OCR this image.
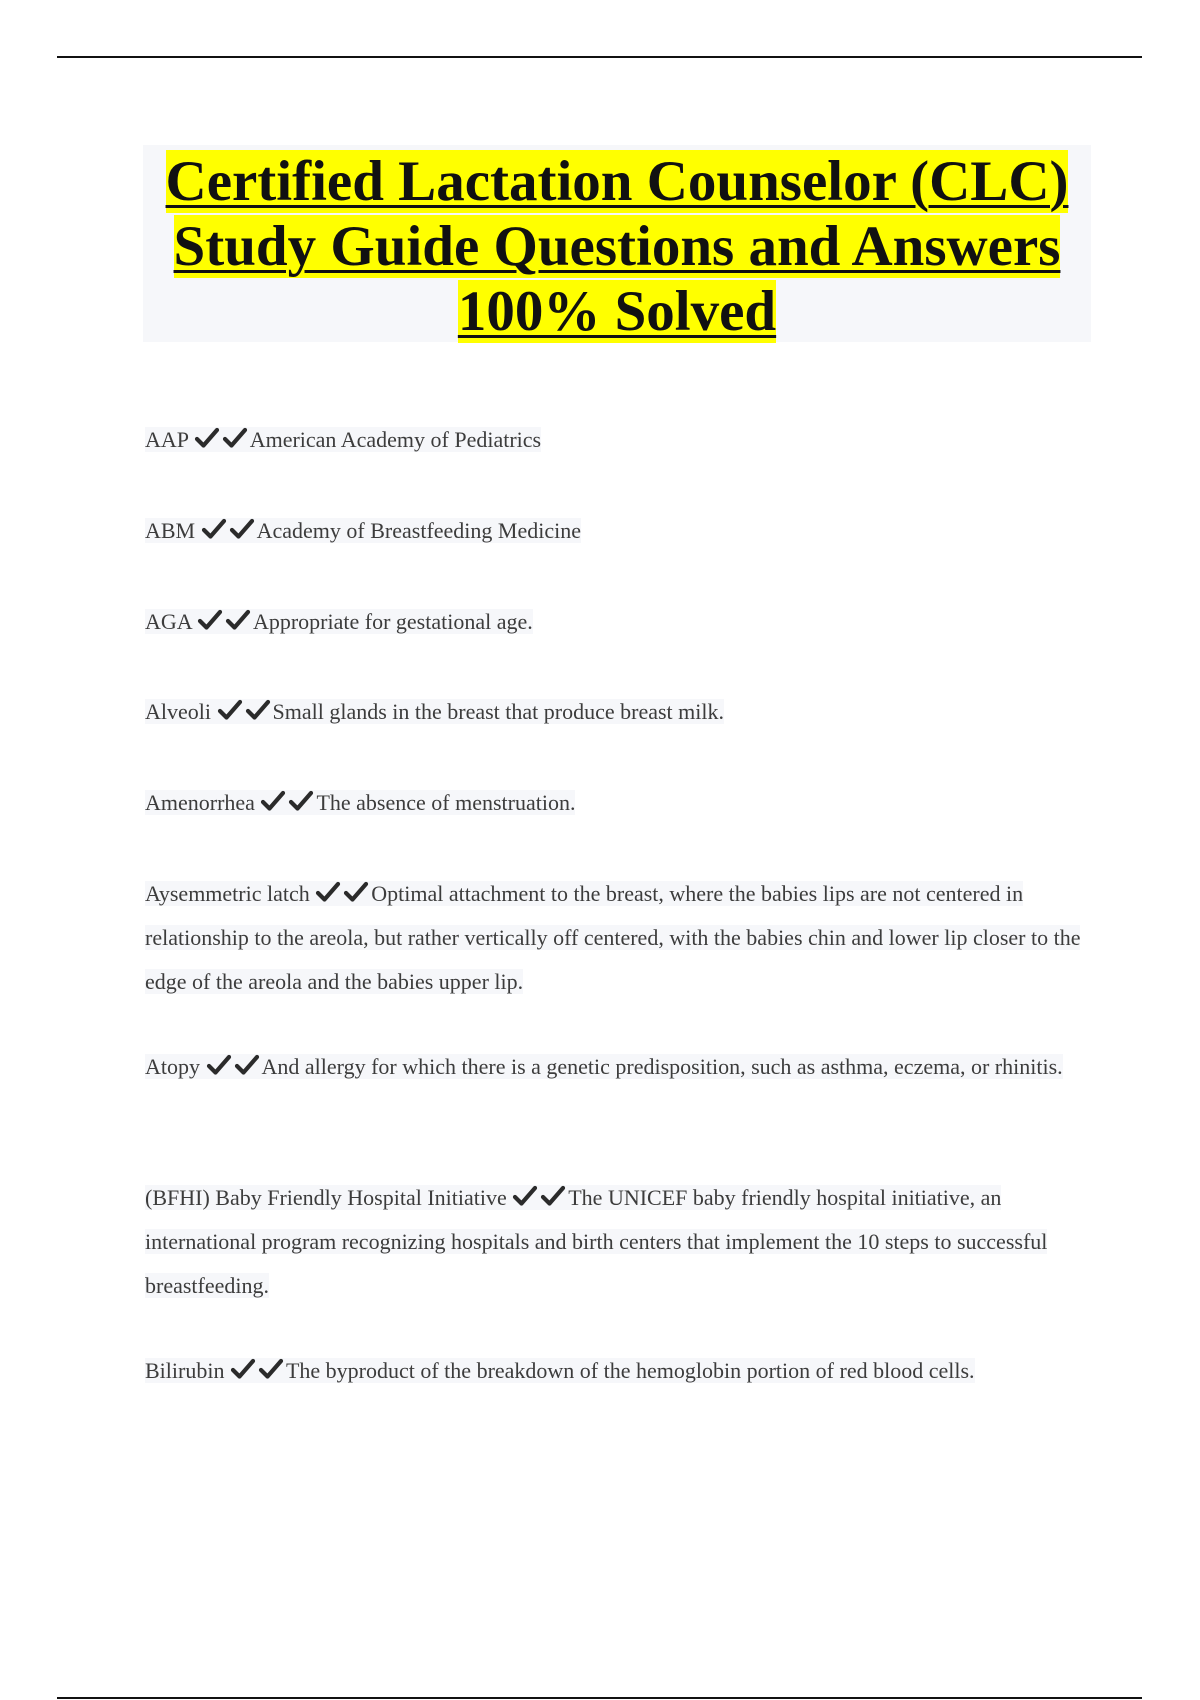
Certified Lactation Counselor (CLC) Study Guide Questions and Answers 100% Solved
AAP	American Academy of Pediatrics
ABM	Academy of Breastfeeding Medicine
AGA	Appropriate for gestational age.
Alveoli	Small glands in the breast that produce breast milk.
Amenorrhea	The absence of menstruation.
Aysemmetric latch	Optimal attachment to the breast, where the babies lips are not centered in relationship to the areola, but rather vertically off centered, with the babies chin and lower lip closer to the edge of the areola and the babies upper lip.
Atopy	And allergy for which there is a genetic predisposition, such as asthma, eczema, or rhinitis.
(BFHI) Baby Friendly Hospital Initiative	The UNICEF baby friendly hospital initiative, an international program recognizing hospitals and birth centers that implement the 10 steps to successful breastfeeding.
Bilirubin	The byproduct of the breakdown of the hemoglobin portion of red blood cells.
